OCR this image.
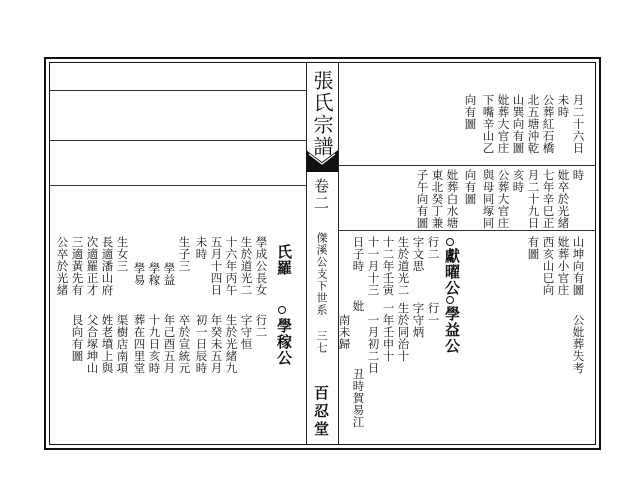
張氏宗譜
卷二
傑溪公支下世系
三七
百忍堂
月二十六日
未時
公葬紅石橋
北五塘沖乾
山巽向有圖
妣葬大官庄
下嘴辛山乙
向有圖
時
妣卒於光緒
七年辛巳正
月二十九日
亥時
公葬大官庄
與母同塚同
向有圖
妣葬白水塘
東北癸丁兼
子午向有圖
獻曜公
學益公
山坤向有圖
妣葬小官庄
西亥山巳向
有圖
行二
字文思
生於道光二
十二年壬寅
十一月十三
日子時
妣
公妣葬失考
行一
字守炳
生於同治十
一年壬申十
一月初二日
丑時賀易江
南未歸
氏羅
學稼公
學成公長女
生於道光二
十六年丙午
五月十四日
未時
生子三
學益
學稼
學易
生女三
長適潘山府
次適羅正才
三適黃先有
公卒於光緒
行二
字守恒
生於光緒九
年癸未五月
初一日辰時
卒於宣統元
年己酉五月
十九日亥時
葬在四里堂
渠樹店南項
姓老墳上與
父合塚坤山
艮向有圖
